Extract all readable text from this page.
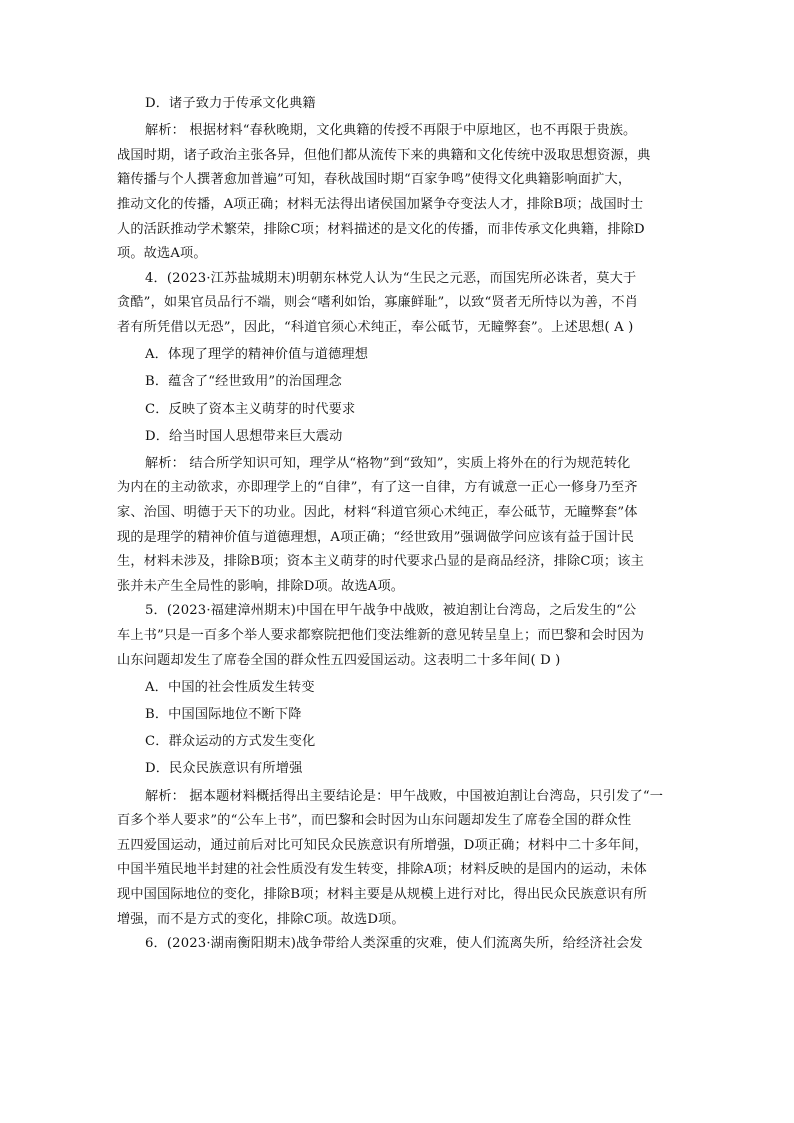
D．诸子致力于传承文化典籍
解析： 根据材料“春秋晚期，文化典籍的传授不再限于中原地区，也不再限于贵族。
战国时期，诸子政治主张各异，但他们都从流传下来的典籍和文化传统中汲取思想资源，典
籍传播与个人撰著愈加普遍”可知，春秋战国时期“百家争鸣”使得文化典籍影响面扩大，
推动文化的传播，A项正确；材料无法得出诸侯国加紧争夺变法人才，排除B项；战国时士
人的活跃推动学术繁荣，排除C项；材料描述的是文化的传播，而非传承文化典籍，排除D
项。故选A项。
4．(2023·江苏盐城期末)明朝东林党人认为“生民之元恶，而国宪所必诛者，莫大于
贪酷”，如果官员品行不端，则会“嗜利如饴，寡廉鲜耻”，以致“贤者无所恃以为善，不肖
者有所凭借以无恐”，因此，“科道官须心术纯正，奉公砥节，无瞳弊套”。上述思想( A )
A．体现了理学的精神价值与道德理想
B．蕴含了“经世致用”的治国理念
C．反映了资本主义萌芽的时代要求
D．给当时国人思想带来巨大震动
解析： 结合所学知识可知，理学从“格物”到“致知”，实质上将外在的行为规范转化
为内在的主动欲求，亦即理学上的“自律”，有了这一自律，方有诚意一正心一修身乃至齐
家、治国、明德于天下的功业。因此，材料“科道官须心术纯正，奉公砥节，无瞳弊套”体
现的是理学的精神价值与道德理想，A项正确；“经世致用”强调做学问应该有益于国计民
生，材料未涉及，排除B项；资本主义萌芽的时代要求凸显的是商品经济，排除C项；该主
张并未产生全局性的影响，排除D项。故选A项。
5．(2023·福建漳州期末)中国在甲午战争中战败，被迫割让台湾岛，之后发生的“公
车上书”只是一百多个举人要求都察院把他们变法维新的意见转呈皇上；而巴黎和会时因为
山东问题却发生了席卷全国的群众性五四爱国运动。这表明二十多年间( D )
A．中国的社会性质发生转变
B．中国国际地位不断下降
C．群众运动的方式发生变化
D．民众民族意识有所增强
解析： 据本题材料概括得出主要结论是：甲午战败，中国被迫割让台湾岛，只引发了“一
百多个举人要求”的“公车上书”，而巴黎和会时因为山东问题却发生了席卷全国的群众性
五四爱国运动，通过前后对比可知民众民族意识有所增强，D项正确；材料中二十多年间，
中国半殖民地半封建的社会性质没有发生转变，排除A项；材料反映的是国内的运动，未体
现中国国际地位的变化，排除B项；材料主要是从规模上进行对比，得出民众民族意识有所
增强，而不是方式的变化，排除C项。故选D项。
6．(2023·湖南衡阳期末)战争带给人类深重的灾难，使人们流离失所，给经济社会发
